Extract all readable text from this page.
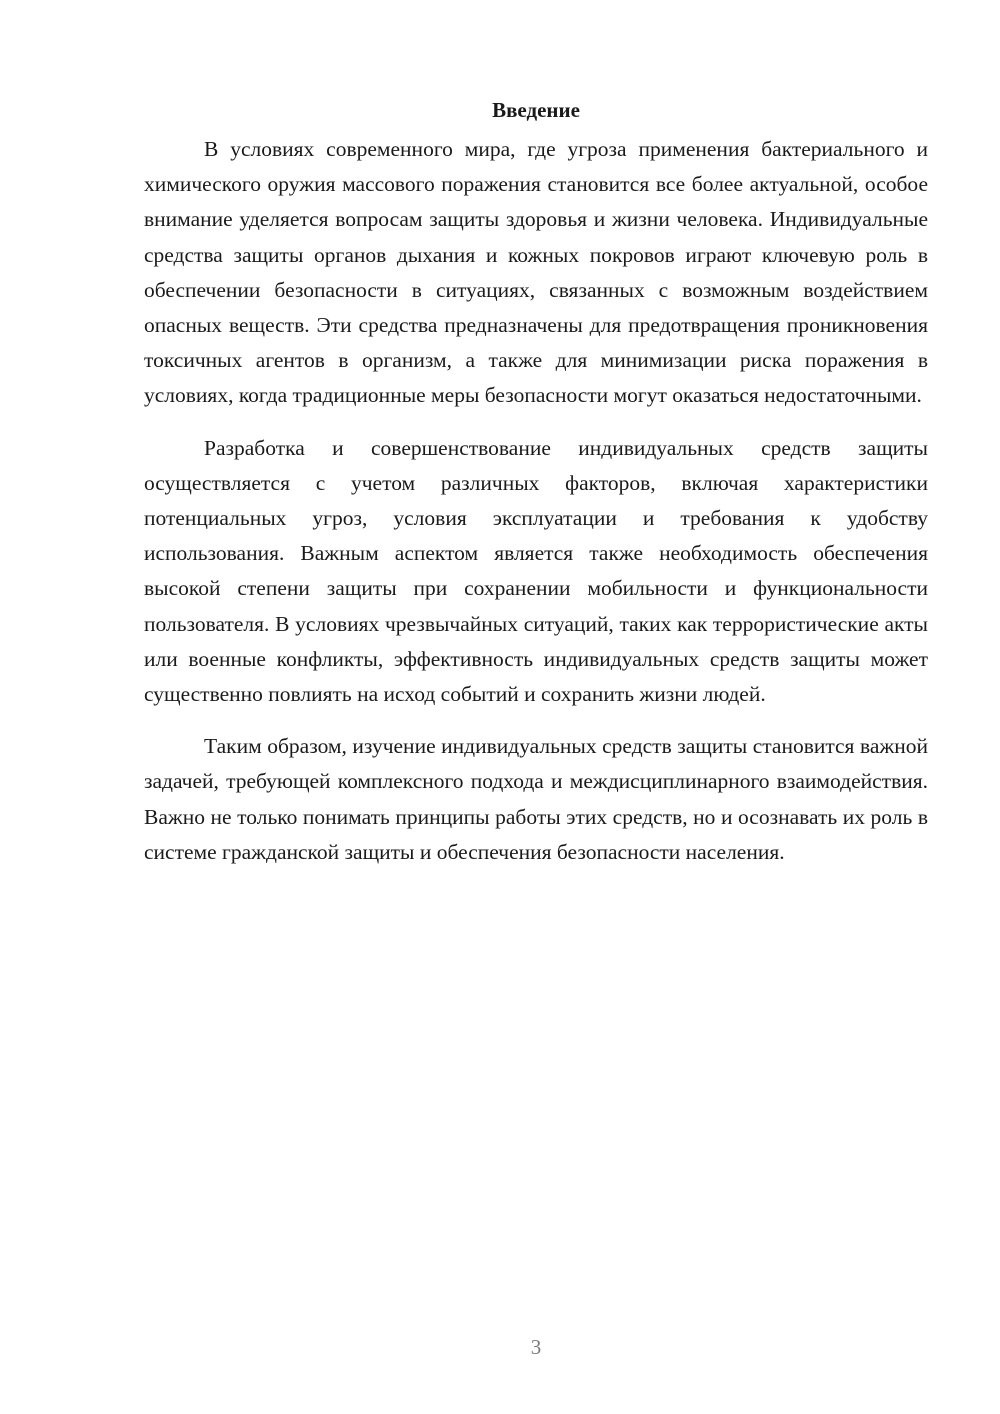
Введение

В условиях современного мира, где угроза применения бактериального и химического оружия массового поражения становится все более актуальной, особое внимание уделяется вопросам защиты здоровья и жизни человека. Индивидуальные средства защиты органов дыхания и кожных покровов играют ключевую роль в обеспечении безопасности в ситуациях, связанных с возможным воздействием опасных веществ. Эти средства предназначены для предотвращения проникновения токсичных агентов в организм, а также для минимизации риска поражения в условиях, когда традиционные меры безопасности могут оказаться недостаточными.

Разработка и совершенствование индивидуальных средств защиты осуществляется с учетом различных факторов, включая характеристики потенциальных угроз, условия эксплуатации и требования к удобству использования. Важным аспектом является также необходимость обеспечения высокой степени защиты при сохранении мобильности и функциональности пользователя. В условиях чрезвычайных ситуаций, таких как террористические акты или военные конфликты, эффективность индивидуальных средств защиты может существенно повлиять на исход событий и сохранить жизни людей.

Таким образом, изучение индивидуальных средств защиты становится важной задачей, требующей комплексного подхода и междисциплинарного взаимодействия. Важно не только понимать принципы работы этих средств, но и осознавать их роль в системе гражданской защиты и обеспечения безопасности населения.

3
